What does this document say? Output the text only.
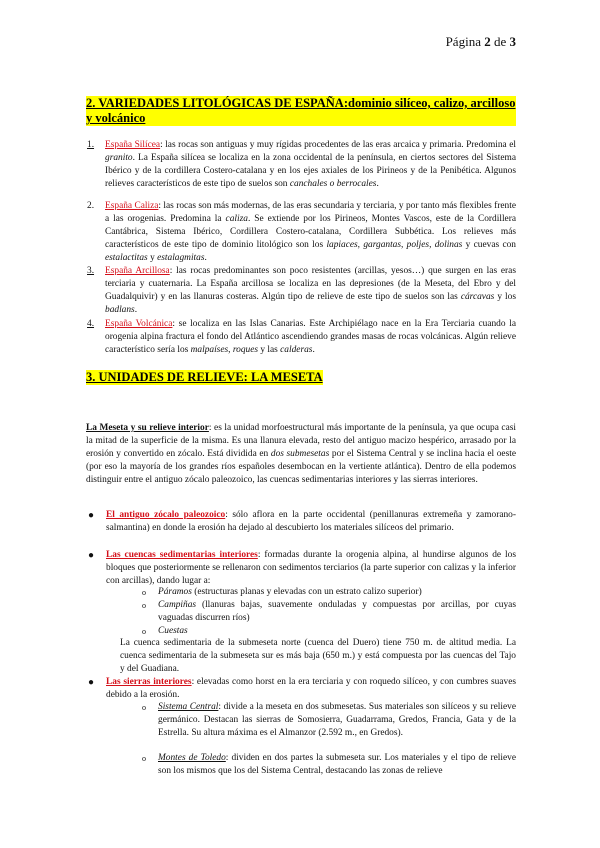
Página 2 de 3
2. VARIEDADES LITOLÓGICAS DE ESPAÑA:dominio silíceo, calizo, arcilloso y volcánico
1.	España Silícea: las rocas son antiguas y muy rígidas procedentes de las eras arcaica y primaria. Predomina el granito. La España silícea se localiza en la zona occidental de la península, en ciertos sectores del Sistema Ibérico y de la cordillera Costero-catalana y en los ejes axiales de los Pirineos y de la Penibética. Algunos relieves característicos de este tipo de suelos son canchales o berrocales.
2.	España Caliza: las rocas son más modernas, de las eras secundaria y terciaria, y por tanto más flexibles frente a las orogenias. Predomina la caliza. Se extiende por los Pirineos, Montes Vascos, este de la Cordillera Cantábrica, Sistema Ibérico, Cordillera Costero-catalana, Cordillera Subbética. Los relieves más característicos de este tipo de dominio litológico son los lapiaces, gargantas, poljes, dolinas y cuevas con estalactitas y estalagmitas.
3.	España Arcillosa: las rocas predominantes son poco resistentes (arcillas, yesos…) que surgen en las eras terciaria y cuaternaria. La España arcillosa se localiza en las depresiones (de la Meseta, del Ebro y del Guadalquivir) y en las llanuras costeras. Algún tipo de relieve de este tipo de suelos son las cárcavas y los badlans.
4.	España Volcánica: se localiza en las Islas Canarias. Este Archipiélago nace en la Era Terciaria cuando la orogenia alpina fractura el fondo del Atlántico ascendiendo grandes masas de rocas volcánicas. Algún relieve característico sería los malpaíses, roques y las calderas.
3. UNIDADES DE RELIEVE: LA MESETA
La Meseta y su relieve interior: es la unidad morfoestructural más importante de la península, ya que ocupa casi la mitad de la superficie de la misma. Es una llanura elevada, resto del antiguo macizo hespérico, arrasado por la erosión y convertido en zócalo. Está dividida en dos submesetas por el Sistema Central y se inclina hacia el oeste (por eso la mayoría de los grandes ríos españoles desembocan en la vertiente atlántica). Dentro de ella podemos distinguir entre el antiguo zócalo paleozoico, las cuencas sedimentarias interiores y las sierras interiores.
●	El antiguo zócalo paleozoico: sólo aflora en la parte occidental (penillanuras extremeña y zamorano-salmantina) en donde la erosión ha dejado al descubierto los materiales silíceos del primario.
●	Las cuencas sedimentarias interiores: formadas durante la orogenia alpina, al hundirse algunos de los bloques que posteriormente se rellenaron con sedimentos terciarios (la parte superior con calizas y la inferior con arcillas), dando lugar a:
o Páramos (estructuras planas y elevadas con un estrato calizo superior)
o Campiñas (llanuras bajas, suavemente onduladas y compuestas por arcillas, por cuyas vaguadas discurren ríos)
o Cuestas
La cuenca sedimentaria de la submeseta norte (cuenca del Duero) tiene 750 m. de altitud media. La cuenca sedimentaria de la submeseta sur es más baja (650 m.) y está compuesta por las cuencas del Tajo y del Guadiana.
●	Las sierras interiores: elevadas como horst en la era terciaria y con roquedo silíceo, y con cumbres suaves debido a la erosión.
o Sistema Central: divide a la meseta en dos submesetas. Sus materiales son silíceos y su relieve germánico. Destacan las sierras de Somosierra, Guadarrama, Gredos, Francia, Gata y de la Estrella. Su altura máxima es el Almanzor (2.592 m., en Gredos).
o Montes de Toledo: dividen en dos partes la submeseta sur. Los materiales y el tipo de relieve son los mismos que los del Sistema Central, destacando las zonas de relieve
